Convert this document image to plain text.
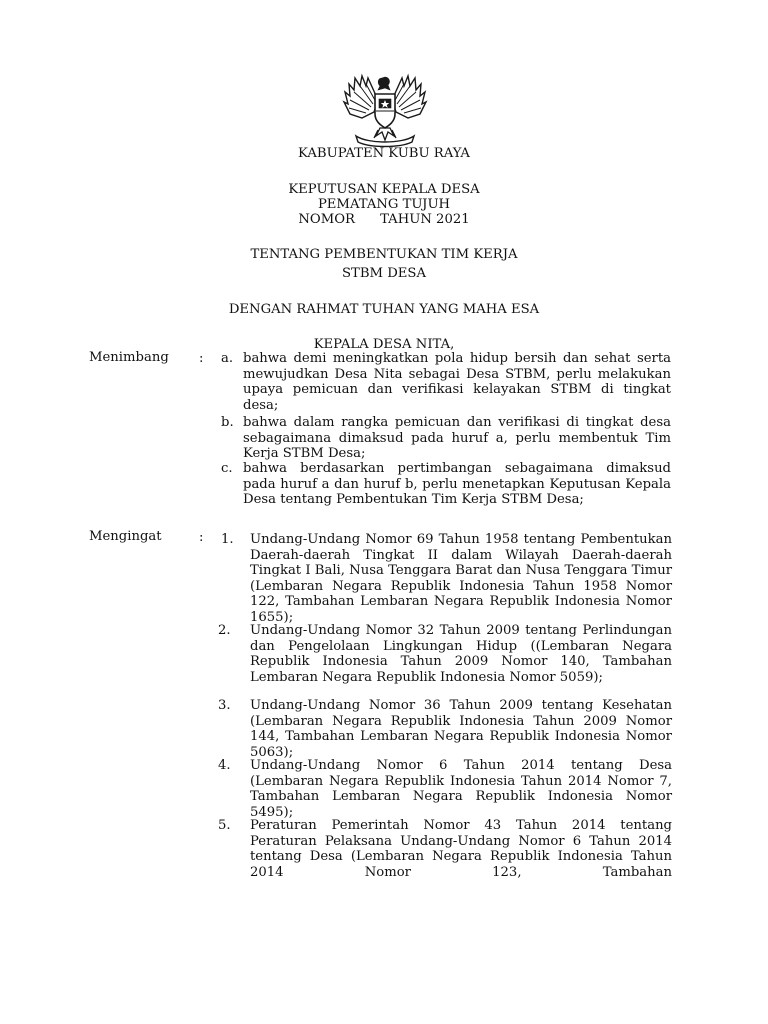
KABUPATEN KUBU RAYA
KEPUTUSAN KEPALA DESA
PEMATANG TUJUH
NOMOR      TAHUN 2021
TENTANG PEMBENTUKAN TIM KERJA
STBM DESA
DENGAN RAHMAT TUHAN YANG MAHA ESA
KEPALA DESA NITA,
Menimbang : a. bahwa demi meningkatkan pola hidup bersih dan sehat serta mewujudkan Desa Nita sebagai Desa STBM, perlu melakukan upaya pemicuan dan verifikasi kelayakan STBM di tingkat desa;
b. bahwa dalam rangka pemicuan dan verifikasi di tingkat desa sebagaimana dimaksud pada huruf a, perlu membentuk Tim Kerja STBM Desa;
c. bahwa berdasarkan pertimbangan sebagaimana dimaksud pada huruf a dan huruf b, perlu menetapkan Keputusan Kepala Desa tentang Pembentukan Tim Kerja STBM Desa;
Mengingat	: 1. Undang-Undang Nomor 69 Tahun 1958 tentang Pembentukan Daerah-daerah Tingkat II dalam Wilayah Daerah-daerah Tingkat I Bali, Nusa Tenggara Barat dan Nusa Tenggara Timur (Lembaran Negara Republik Indonesia Tahun 1958 Nomor 122, Tambahan Lembaran Negara Republik Indonesia Nomor 1655);
2. Undang-Undang Nomor 32 Tahun 2009 tentang Perlindungan dan Pengelolaan Lingkungan Hidup ((Lembaran Negara Republik Indonesia Tahun 2009 Nomor 140, Tambahan Lembaran Negara Republik Indonesia Nomor 5059);
3. Undang-Undang Nomor 36 Tahun 2009 tentang Kesehatan (Lembaran Negara Republik Indonesia Tahun 2009 Nomor 144, Tambahan Lembaran Negara Republik Indonesia Nomor 5063);
4. Undang-Undang Nomor 6 Tahun 2014 tentang Desa (Lembaran Negara Republik Indonesia Tahun 2014 Nomor 7, Tambahan Lembaran Negara Republik Indonesia Nomor 5495);
5. Peraturan Pemerintah Nomor 43 Tahun 2014 tentang Peraturan Pelaksana Undang-Undang Nomor 6 Tahun 2014 tentang Desa (Lembaran Negara Republik Indonesia Tahun 2014 Nomor 123, Tambahan
